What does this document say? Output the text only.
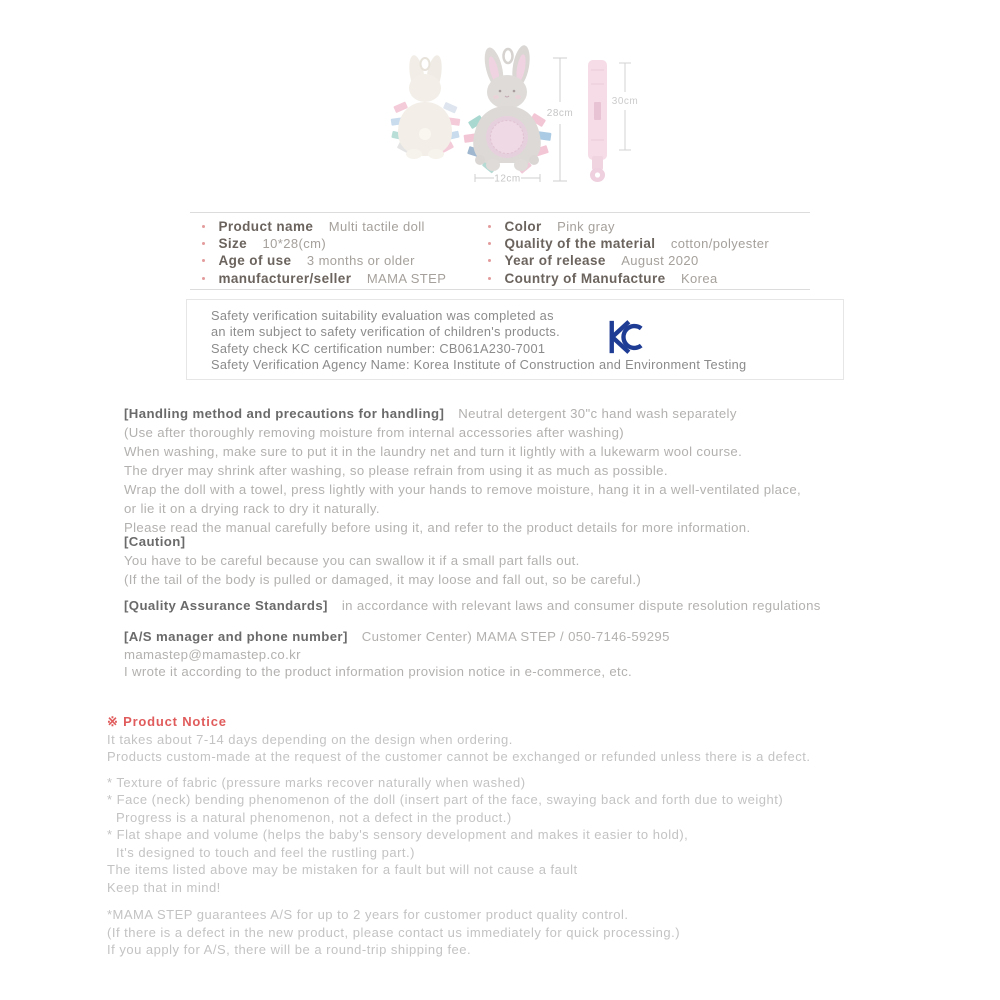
28cm
12cm
30cm
Product name Multi tactile doll
Size 10*28(cm)
Age of use 3 months or older
manufacturer/seller MAMA STEP
Color Pink gray
Quality of the material cotton/polyester
Year of release August 2020
Country of Manufacture Korea
Safety verification suitability evaluation was completed as
an item subject to safety verification of children's products.
Safety check KC certification number: CB061A230-7001
Safety Verification Agency Name: Korea Institute of Construction and Environment Testing
[Handling method and precautions for handling] Neutral detergent 30"c hand wash separately
(Use after thoroughly removing moisture from internal accessories after washing)
When washing, make sure to put it in the laundry net and turn it lightly with a lukewarm wool course.
The dryer may shrink after washing, so please refrain from using it as much as possible.
Wrap the doll with a towel, press lightly with your hands to remove moisture, hang it in a well-ventilated place,
or lie it on a drying rack to dry it naturally.
Please read the manual carefully before using it, and refer to the product details for more information.
[Caution]
You have to be careful because you can swallow it if a small part falls out.
(If the tail of the body is pulled or damaged, it may loose and fall out, so be careful.)
[Quality Assurance Standards] in accordance with relevant laws and consumer dispute resolution regulations
[A/S manager and phone number] Customer Center) MAMA STEP / 050-7146-59295
mamastep@mamastep.co.kr
I wrote it according to the product information provision notice in e-commerce, etc.
※ Product Notice
It takes about 7-14 days depending on the design when ordering.
Products custom-made at the request of the customer cannot be exchanged or refunded unless there is a defect.
* Texture of fabric (pressure marks recover naturally when washed)
* Face (neck) bending phenomenon of the doll (insert part of the face, swaying back and forth due to weight)
Progress is a natural phenomenon, not a defect in the product.)
* Flat shape and volume (helps the baby's sensory development and makes it easier to hold),
It's designed to touch and feel the rustling part.)
The items listed above may be mistaken for a fault but will not cause a fault
Keep that in mind!
*MAMA STEP guarantees A/S for up to 2 years for customer product quality control.
(If there is a defect in the new product, please contact us immediately for quick processing.)
If you apply for A/S, there will be a round-trip shipping fee.
